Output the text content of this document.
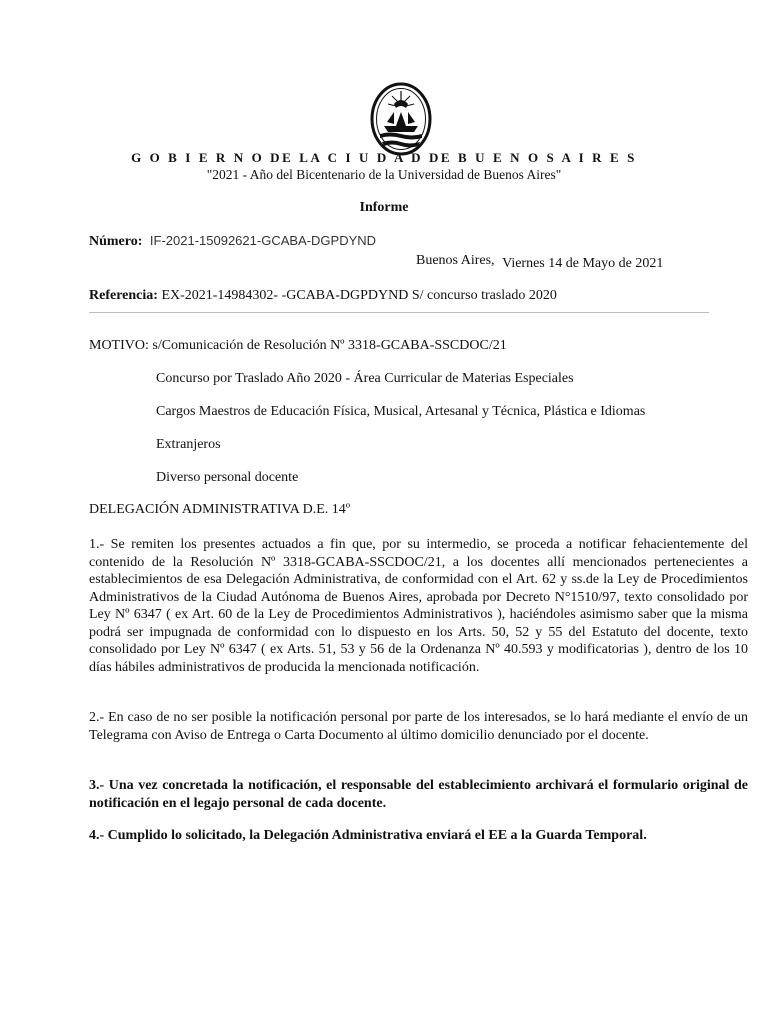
G O B I E R N O DE LA C I U D A D DE B U E N O S A I R E S
"2021 - Año del Bicentenario de la Universidad de Buenos Aires"
Informe
Número: IF-2021-15092621-GCABA-DGPDYND
Buenos Aires, Viernes 14 de Mayo de 2021
Referencia: EX-2021-14984302- -GCABA-DGPDYND S/ concurso traslado 2020
MOTIVO: s/Comunicación de Resolución Nº 3318-GCABA-SSCDOC/21
Concurso por Traslado Año 2020 - Área Curricular de Materias Especiales
Cargos Maestros de Educación Física, Musical, Artesanal y Técnica, Plástica e Idiomas
Extranjeros
Diverso personal docente
DELEGACIÓN ADMINISTRATIVA D.E. 14º
1.- Se remiten los presentes actuados a fin que, por su intermedio, se proceda a notificar fehacientemente del contenido de la Resolución Nº 3318-GCABA-SSCDOC/21, a los docentes allí mencionados pertenecientes a establecimientos de esa Delegación Administrativa, de conformidad con el Art. 62 y ss.de la Ley de Procedimientos Administrativos de la Ciudad Autónoma de Buenos Aires, aprobada por Decreto N°1510/97, texto consolidado por Ley Nº 6347 ( ex Art. 60 de la Ley de Procedimientos Administrativos ), haciéndoles asimismo saber que la misma podrá ser impugnada de conformidad con lo dispuesto en los Arts. 50, 52 y 55 del Estatuto del docente, texto consolidado por Ley Nº 6347 ( ex Arts. 51, 53 y 56 de la Ordenanza Nº 40.593 y modificatorias ), dentro de los 10 días hábiles administrativos de producida la mencionada notificación.
2.- En caso de no ser posible la notificación personal por parte de los interesados, se lo hará mediante el envío de un Telegrama con Aviso de Entrega o Carta Documento al último domicilio denunciado por el docente.
3.- Una vez concretada la notificación, el responsable del establecimiento archivará el formulario original de notificación en el legajo personal de cada docente.
4.- Cumplido lo solicitado, la Delegación Administrativa enviará el EE a la Guarda Temporal.
